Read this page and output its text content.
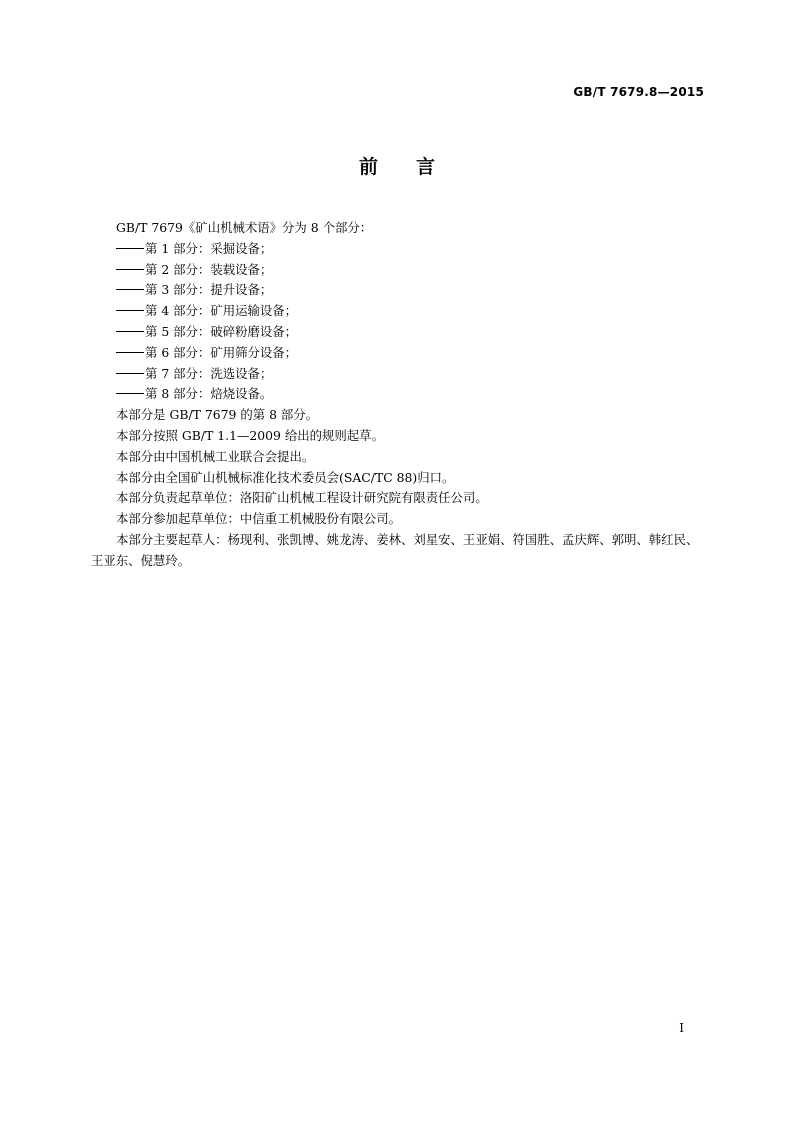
GB/T 7679.8—2015
前 言

GB/T 7679《矿山机械术语》分为 8 个部分：

第 1 部分：采掘设备；
第 2 部分：装载设备；
第 3 部分：提升设备；
第 4 部分：矿用运输设备；
第 5 部分：破碎粉磨设备；
第 6 部分：矿用筛分设备；
第 7 部分：洗选设备；
第 8 部分：焙烧设备。

本部分是 GB/T 7679 的第 8 部分。

本部分按照 GB/T 1.1—2009 给出的规则起草。

本部分由中国机械工业联合会提出。

本部分由全国矿山机械标准化技术委员会(SAC/TC 88)归口。

本部分负责起草单位：洛阳矿山机械工程设计研究院有限责任公司。

本部分参加起草单位：中信重工机械股份有限公司。

本部分主要起草人：杨现利、张凯博、姚龙涛、姜林、刘星安、王亚娟、符国胜、孟庆辉、郭明、韩红民、王亚东、倪慧玲。

I
